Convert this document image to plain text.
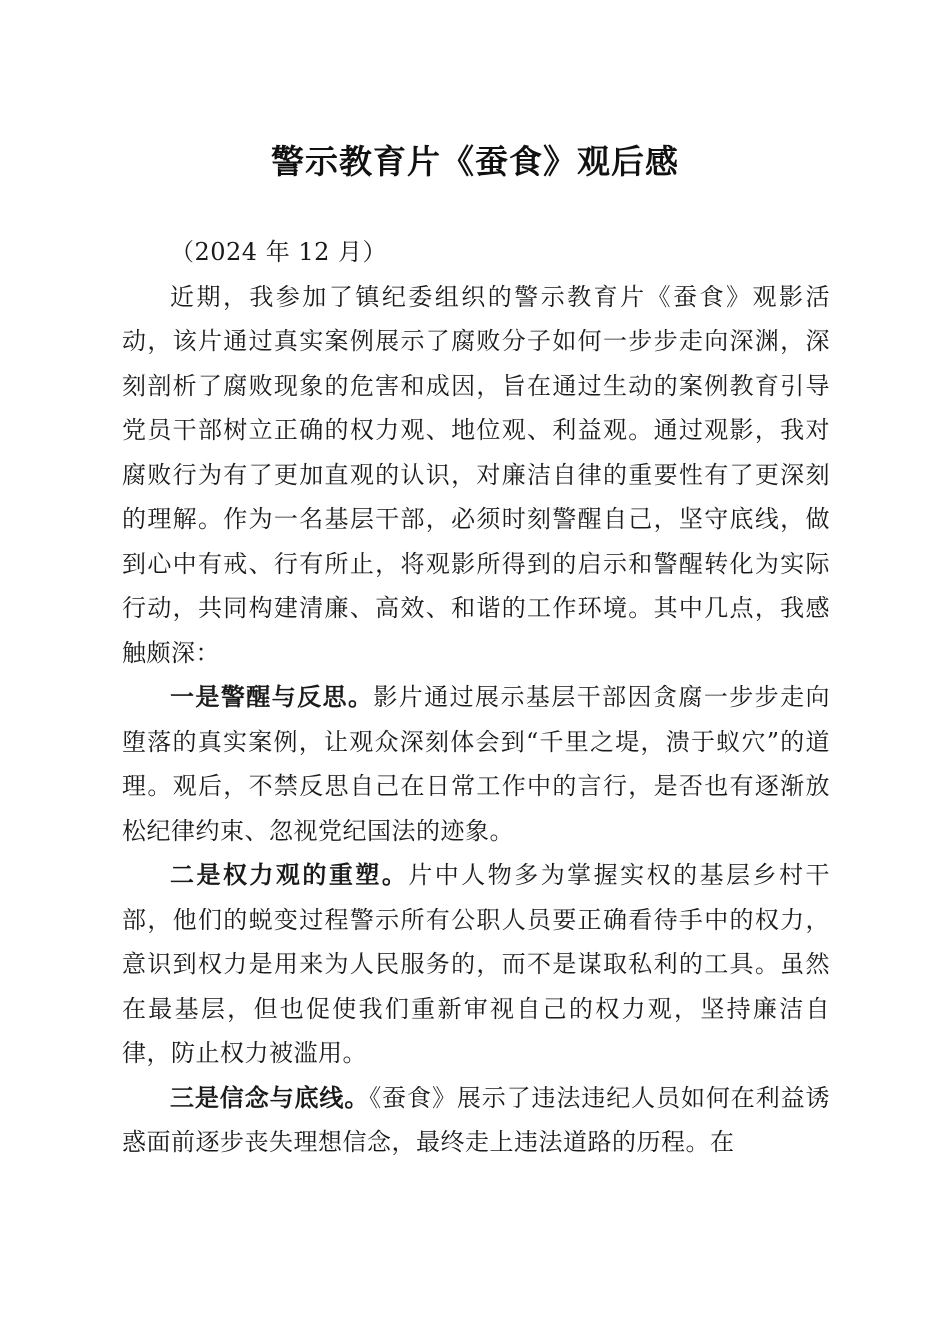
警示教育片《蚕食》观后感

（2024 年 12 月）

近期，我参加了镇纪委组织的警示教育片《蚕食》观影活动，该片通过真实案例展示了腐败分子如何一步步走向深渊，深刻剖析了腐败现象的危害和成因，旨在通过生动的案例教育引导党员干部树立正确的权力观、地位观、利益观。通过观影，我对腐败行为有了更加直观的认识，对廉洁自律的重要性有了更深刻的理解。作为一名基层干部，必须时刻警醒自己，坚守底线，做到心中有戒、行有所止，将观影所得到的启示和警醒转化为实际行动，共同构建清廉、高效、和谐的工作环境。其中几点，我感触颇深：

一是警醒与反思。影片通过展示基层干部因贪腐一步步走向堕落的真实案例，让观众深刻体会到“千里之堤，溃于蚁穴”的道理。观后，不禁反思自己在日常工作中的言行，是否也有逐渐放松纪律约束、忽视党纪国法的迹象。

二是权力观的重塑。片中人物多为掌握实权的基层乡村干部，他们的蜕变过程警示所有公职人员要正确看待手中的权力，意识到权力是用来为人民服务的，而不是谋取私利的工具。虽然在最基层，但也促使我们重新审视自己的权力观，坚持廉洁自律，防止权力被滥用。

三是信念与底线。《蚕食》展示了违法违纪人员如何在利益诱惑面前逐步丧失理想信念，最终走上违法道路的历程。在
